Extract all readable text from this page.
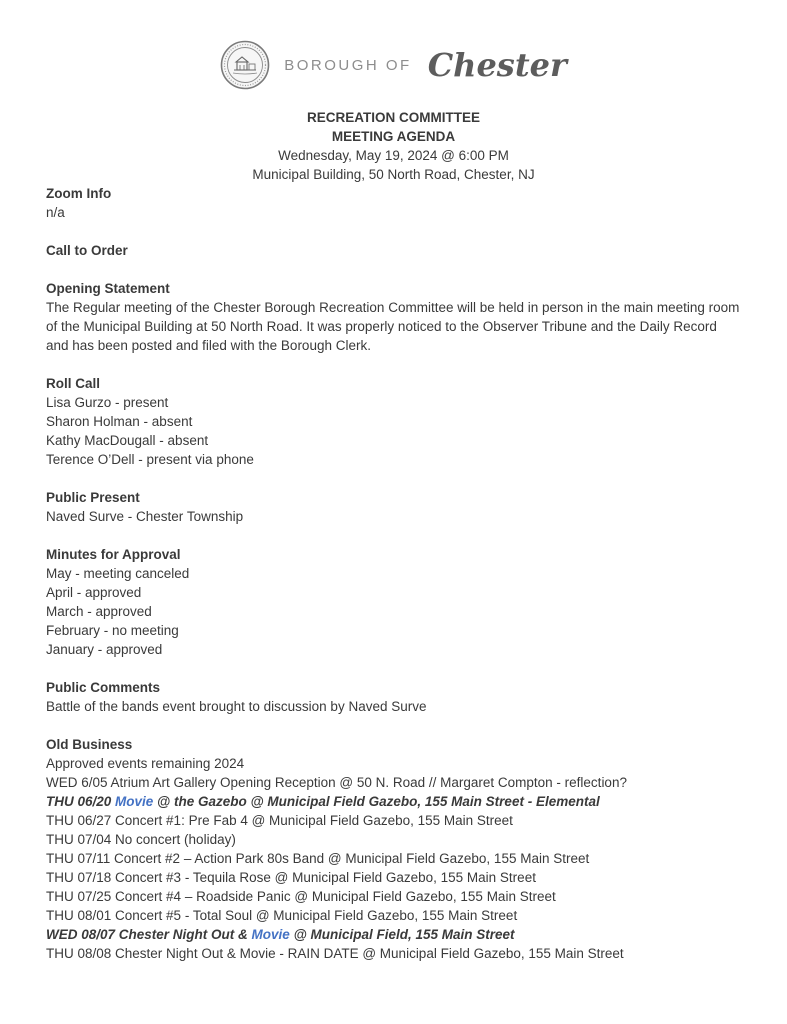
BOROUGH OF Chester
RECREATION COMMITTEE
MEETING AGENDA
Wednesday, May 19, 2024 @ 6:00 PM
Municipal Building, 50 North Road, Chester, NJ
Zoom Info
n/a
Call to Order
Opening Statement
The Regular meeting of the Chester Borough Recreation Committee will be held in person in the main meeting room of the Municipal Building at 50 North Road. It was properly noticed to the Observer Tribune and the Daily Record and has been posted and filed with the Borough Clerk.
Roll Call
Lisa Gurzo - present
Sharon Holman - absent
Kathy MacDougall - absent
Terence O’Dell - present via phone
Public Present
Naved Surve - Chester Township
Minutes for Approval
May - meeting canceled
April - approved
March - approved
February - no meeting
January - approved
Public Comments
Battle of the bands event brought to discussion by Naved Surve
Old Business
Approved events remaining 2024
WED 6/05 Atrium Art Gallery Opening Reception @ 50 N. Road // Margaret Compton - reflection?
THU 06/20 Movie @ the Gazebo @ Municipal Field Gazebo, 155 Main Street - Elemental
THU 06/27 Concert #1: Pre Fab 4 @ Municipal Field Gazebo, 155 Main Street
THU 07/04 No concert (holiday)
THU 07/11 Concert #2 – Action Park 80s Band @ Municipal Field Gazebo, 155 Main Street
THU 07/18 Concert #3 - Tequila Rose @ Municipal Field Gazebo, 155 Main Street
THU 07/25 Concert #4 – Roadside Panic @ Municipal Field Gazebo, 155 Main Street
THU 08/01 Concert #5 - Total Soul @ Municipal Field Gazebo, 155 Main Street
WED 08/07 Chester Night Out & Movie @ Municipal Field, 155 Main Street
THU 08/08 Chester Night Out & Movie - RAIN DATE @ Municipal Field Gazebo, 155 Main Street
